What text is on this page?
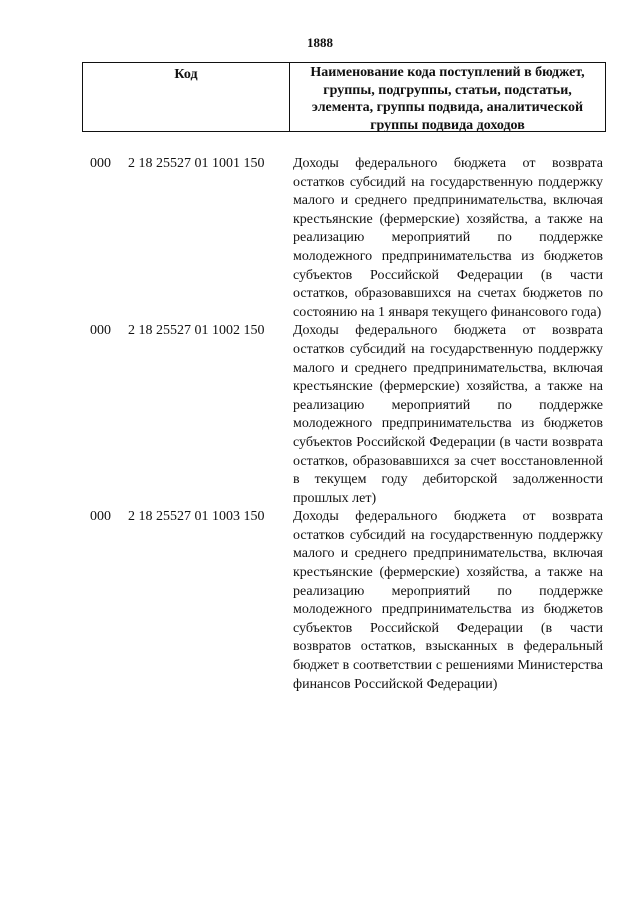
1888
Код	Наименование кода поступлений в бюджет, группы, подгруппы, статьи, подстатьи, элемента, группы подвида, аналитической группы подвида доходов
000	2 18 25527 01 1001 150	Доходы федерального бюджета от возврата остатков субсидий на государственную поддержку малого и среднего предпринимательства, включая крестьянские (фермерские) хозяйства, а также на реализацию мероприятий по поддержке молодежного предпринимательства из бюджетов субъектов Российской Федерации (в части остатков, образовавшихся на счетах бюджетов по состоянию на 1 января текущего финансового года)
000	2 18 25527 01 1002 150	Доходы федерального бюджета от возврата остатков субсидий на государственную поддержку малого и среднего предпринимательства, включая крестьянские (фермерские) хозяйства, а также на реализацию мероприятий по поддержке молодежного предпринимательства из бюджетов субъектов Российской Федерации (в части возврата остатков, образовавшихся за счет восстановленной в текущем году дебиторской задолженности прошлых лет)
000	2 18 25527 01 1003 150	Доходы федерального бюджета от возврата остатков субсидий на государственную поддержку малого и среднего предпринимательства, включая крестьянские (фермерские) хозяйства, а также на реализацию мероприятий по поддержке молодежного предпринимательства из бюджетов субъектов Российской Федерации (в части возвратов остатков, взысканных в федеральный бюджет в соответствии с решениями Министерства финансов Российской Федерации)
